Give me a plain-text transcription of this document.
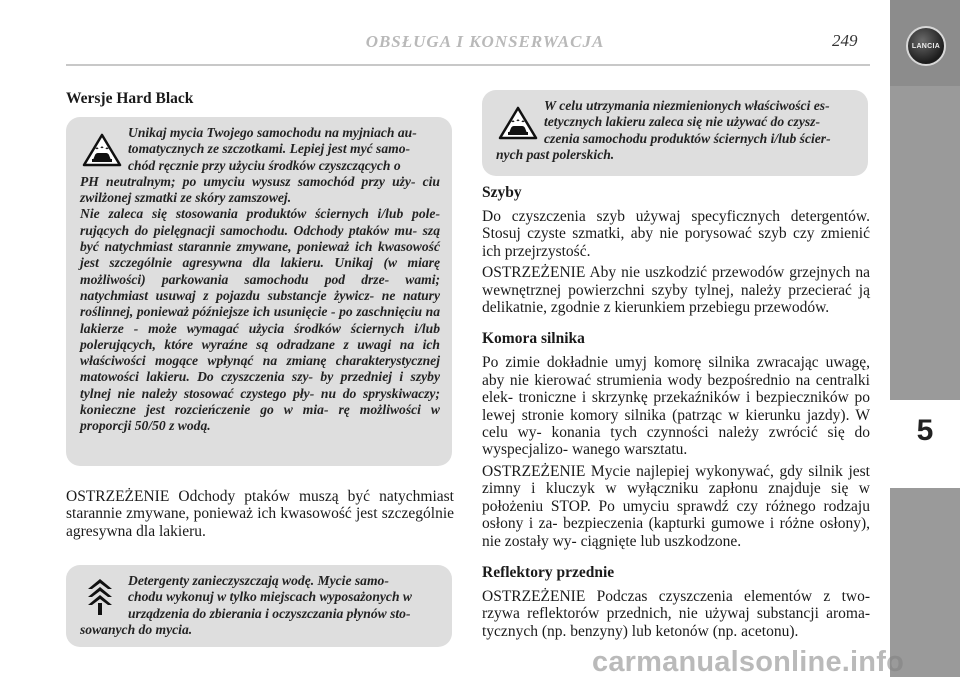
OBSŁUGA I KONSERWACJA	249	LANCIA
5
Wersje Hard Black

Unikaj mycia Twojego samochodu na myjniach au-

tomatycznych ze szczotkami. Lepiej jest myć samo-

chód ręcznie przy użyciu środków czyszczących o

PH neutralnym; po umyciu wysusz samochód przy uży- ciu zwilżonej szmatki ze skóry zamszowej.

Nie zaleca się stosowania produktów ściernych i/lub pole- rujących do pielęgnacji samochodu. Odchody ptaków mu- szą być natychmiast starannie zmywane, ponieważ ich kwasowość jest szczególnie agresywna dla lakieru. Unikaj (w miarę możliwości) parkowania samochodu pod drze- wami; natychmiast usuwaj z pojazdu substancje żywicz- ne natury roślinnej, ponieważ późniejsze ich usunięcie - po zaschnięciu na lakierze - może wymagać użycia środków ściernych i/lub polerujących, które wyraźne są odradzane z uwagi na ich właściwości mogące wpłynąć na zmianę charakterystycznej matowości lakieru. Do czyszczenia szy- by przedniej i szyby tylnej nie należy stosować czystego pły- nu do spryskiwaczy; konieczne jest rozcieńczenie go w mia- rę możliwości w proporcji 50/50 z wodą.

OSTRZEŻENIE Odchody ptaków muszą być natychmiast starannie zmywane, ponieważ ich kwasowość jest szczególnie agresywna dla lakieru.

Detergenty zanieczyszczają wodę. Mycie samo-

chodu wykonuj w tylko miejscach wyposażonych w

urządzenia do zbierania i oczyszczania płynów sto-

sowanych do mycia.

W celu utrzymania niezmienionych właściwości es-

tetycznych lakieru zaleca się nie używać do czysz-

czenia samochodu produktów ściernych i/lub ścier-

nych past polerskich.

Szyby

Do czyszczenia szyb używaj specyficznych detergentów. Stosuj czyste szmatki, aby nie porysować szyb czy zmienić ich przejrzystość.

OSTRZEŻENIE Aby nie uszkodzić przewodów grzejnych na wewnętrznej powierzchni szyby tylnej, należy przecierać ją delikatnie, zgodnie z kierunkiem przebiegu przewodów.

Komora silnika

Po zimie dokładnie umyj komorę silnika zwracając uwagę, aby nie kierować strumienia wody bezpośrednio na centralki elek- troniczne i skrzynkę przekaźników i bezpieczników po lewej stronie komory silnika (patrząc w kierunku jazdy). W celu wy- konania tych czynności należy zwrócić się do wyspecjalizo- wanego warsztatu.

OSTRZEŻENIE Mycie najlepiej wykonywać, gdy silnik jest zimny i kluczyk w wyłączniku zapłonu znajduje się w położeniu STOP. Po umyciu sprawdź czy różnego rodzaju osłony i za- bezpieczenia (kapturki gumowe i różne osłony), nie zostały wy- ciągnięte lub uszkodzone.

Reflektory przednie

OSTRZEŻENIE Podczas czyszczenia elementów z two- rzywa reflektorów przednich, nie używaj substancji aroma- tycznych (np. benzyny) lub ketonów (np. acetonu).

carmanualsonline.info
